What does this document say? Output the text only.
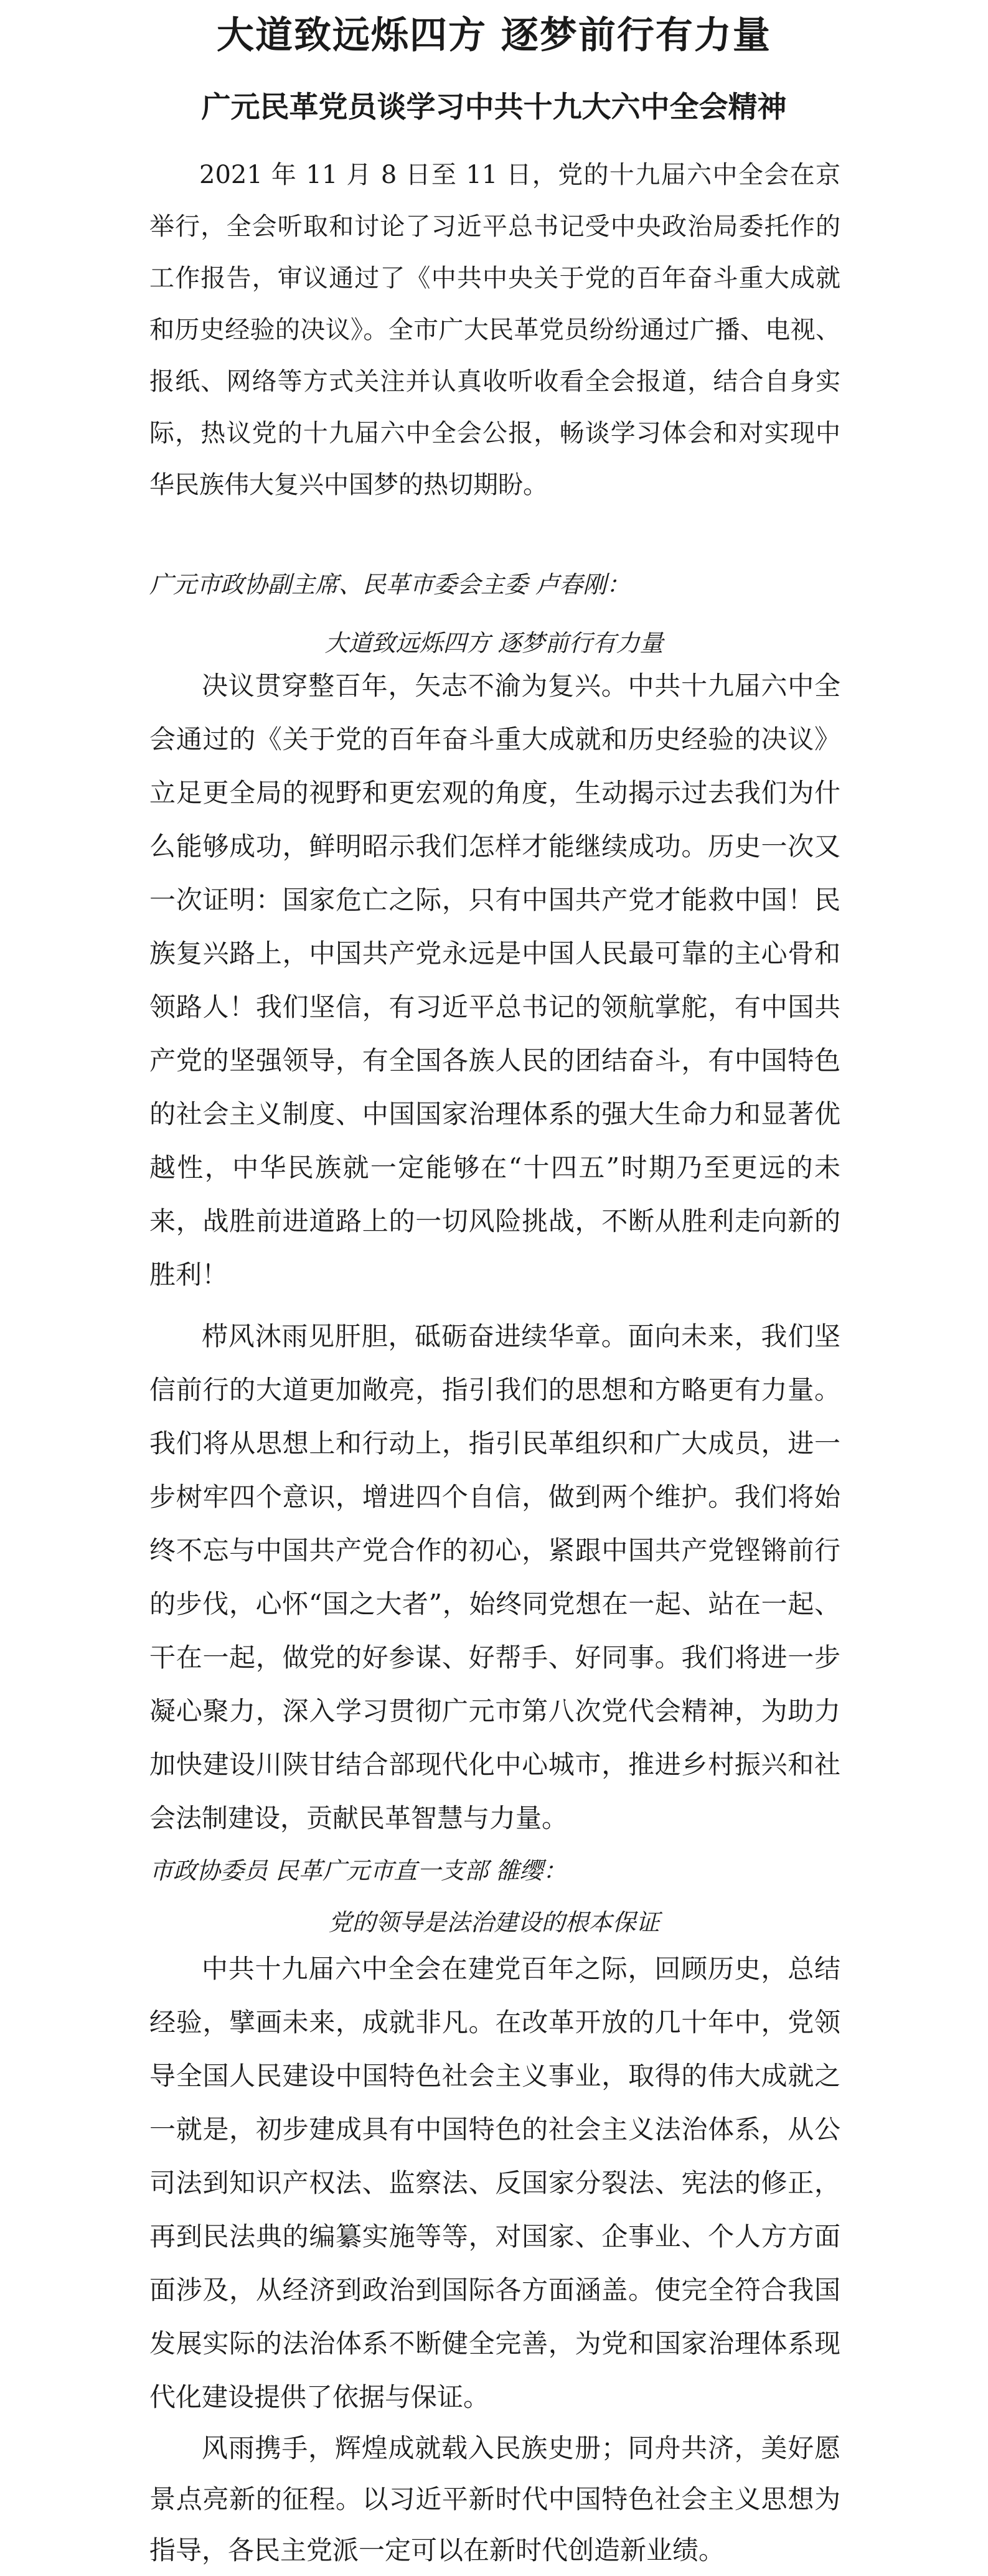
大道致远烁四方 逐梦前行有力量
广元民革党员谈学习中共十九大六中全会精神

2021 年 11 月 8 日至 11 日，党的十九届六中全会在京举行，全会听取和讨论了习近平总书记受中央政治局委托作的工作报告，审议通过了《中共中央关于党的百年奋斗重大成就和历史经验的决议》。全市广大民革党员纷纷通过广播、电视、报纸、网络等方式关注并认真收听收看全会报道，结合自身实际，热议党的十九届六中全会公报，畅谈学习体会和对实现中华民族伟大复兴中国梦的热切期盼。

广元市政协副主席、民革市委会主委 卢春刚：
大道致远烁四方 逐梦前行有力量

决议贯穿整百年，矢志不渝为复兴。中共十九届六中全会通过的《关于党的百年奋斗重大成就和历史经验的决议》立足更全局的视野和更宏观的角度，生动揭示过去我们为什么能够成功，鲜明昭示我们怎样才能继续成功。历史一次又一次证明：国家危亡之际，只有中国共产党才能救中国！民族复兴路上，中国共产党永远是中国人民最可靠的主心骨和领路人！我们坚信，有习近平总书记的领航掌舵，有中国共产党的坚强领导，有全国各族人民的团结奋斗，有中国特色的社会主义制度、中国国家治理体系的强大生命力和显著优越性，中华民族就一定能够在“十四五”时期乃至更远的未来，战胜前进道路上的一切风险挑战，不断从胜利走向新的胜利！

栉风沐雨见肝胆，砥砺奋进续华章。面向未来，我们坚信前行的大道更加敞亮，指引我们的思想和方略更有力量。我们将从思想上和行动上，指引民革组织和广大成员，进一步树牢四个意识，增进四个自信，做到两个维护。我们将始终不忘与中国共产党合作的初心，紧跟中国共产党铿锵前行的步伐，心怀“国之大者”，始终同党想在一起、站在一起、干在一起，做党的好参谋、好帮手、好同事。我们将进一步凝心聚力，深入学习贯彻广元市第八次党代会精神，为助力加快建设川陕甘结合部现代化中心城市，推进乡村振兴和社会法制建设，贡献民革智慧与力量。

市政协委员 民革广元市直一支部 雒缨：
党的领导是法治建设的根本保证

中共十九届六中全会在建党百年之际，回顾历史，总结经验，擘画未来，成就非凡。在改革开放的几十年中，党领导全国人民建设中国特色社会主义事业，取得的伟大成就之一就是，初步建成具有中国特色的社会主义法治体系，从公司法到知识产权法、监察法、反国家分裂法、宪法的修正，再到民法典的编纂实施等等，对国家、企事业、个人方方面面涉及，从经济到政治到国际各方面涵盖。使完全符合我国发展实际的法治体系不断健全完善，为党和国家治理体系现代化建设提供了依据与保证。

风雨携手，辉煌成就载入民族史册；同舟共济，美好愿景点亮新的征程。以习近平新时代中国特色社会主义思想为指导，各民主党派一定可以在新时代创造新业绩。
